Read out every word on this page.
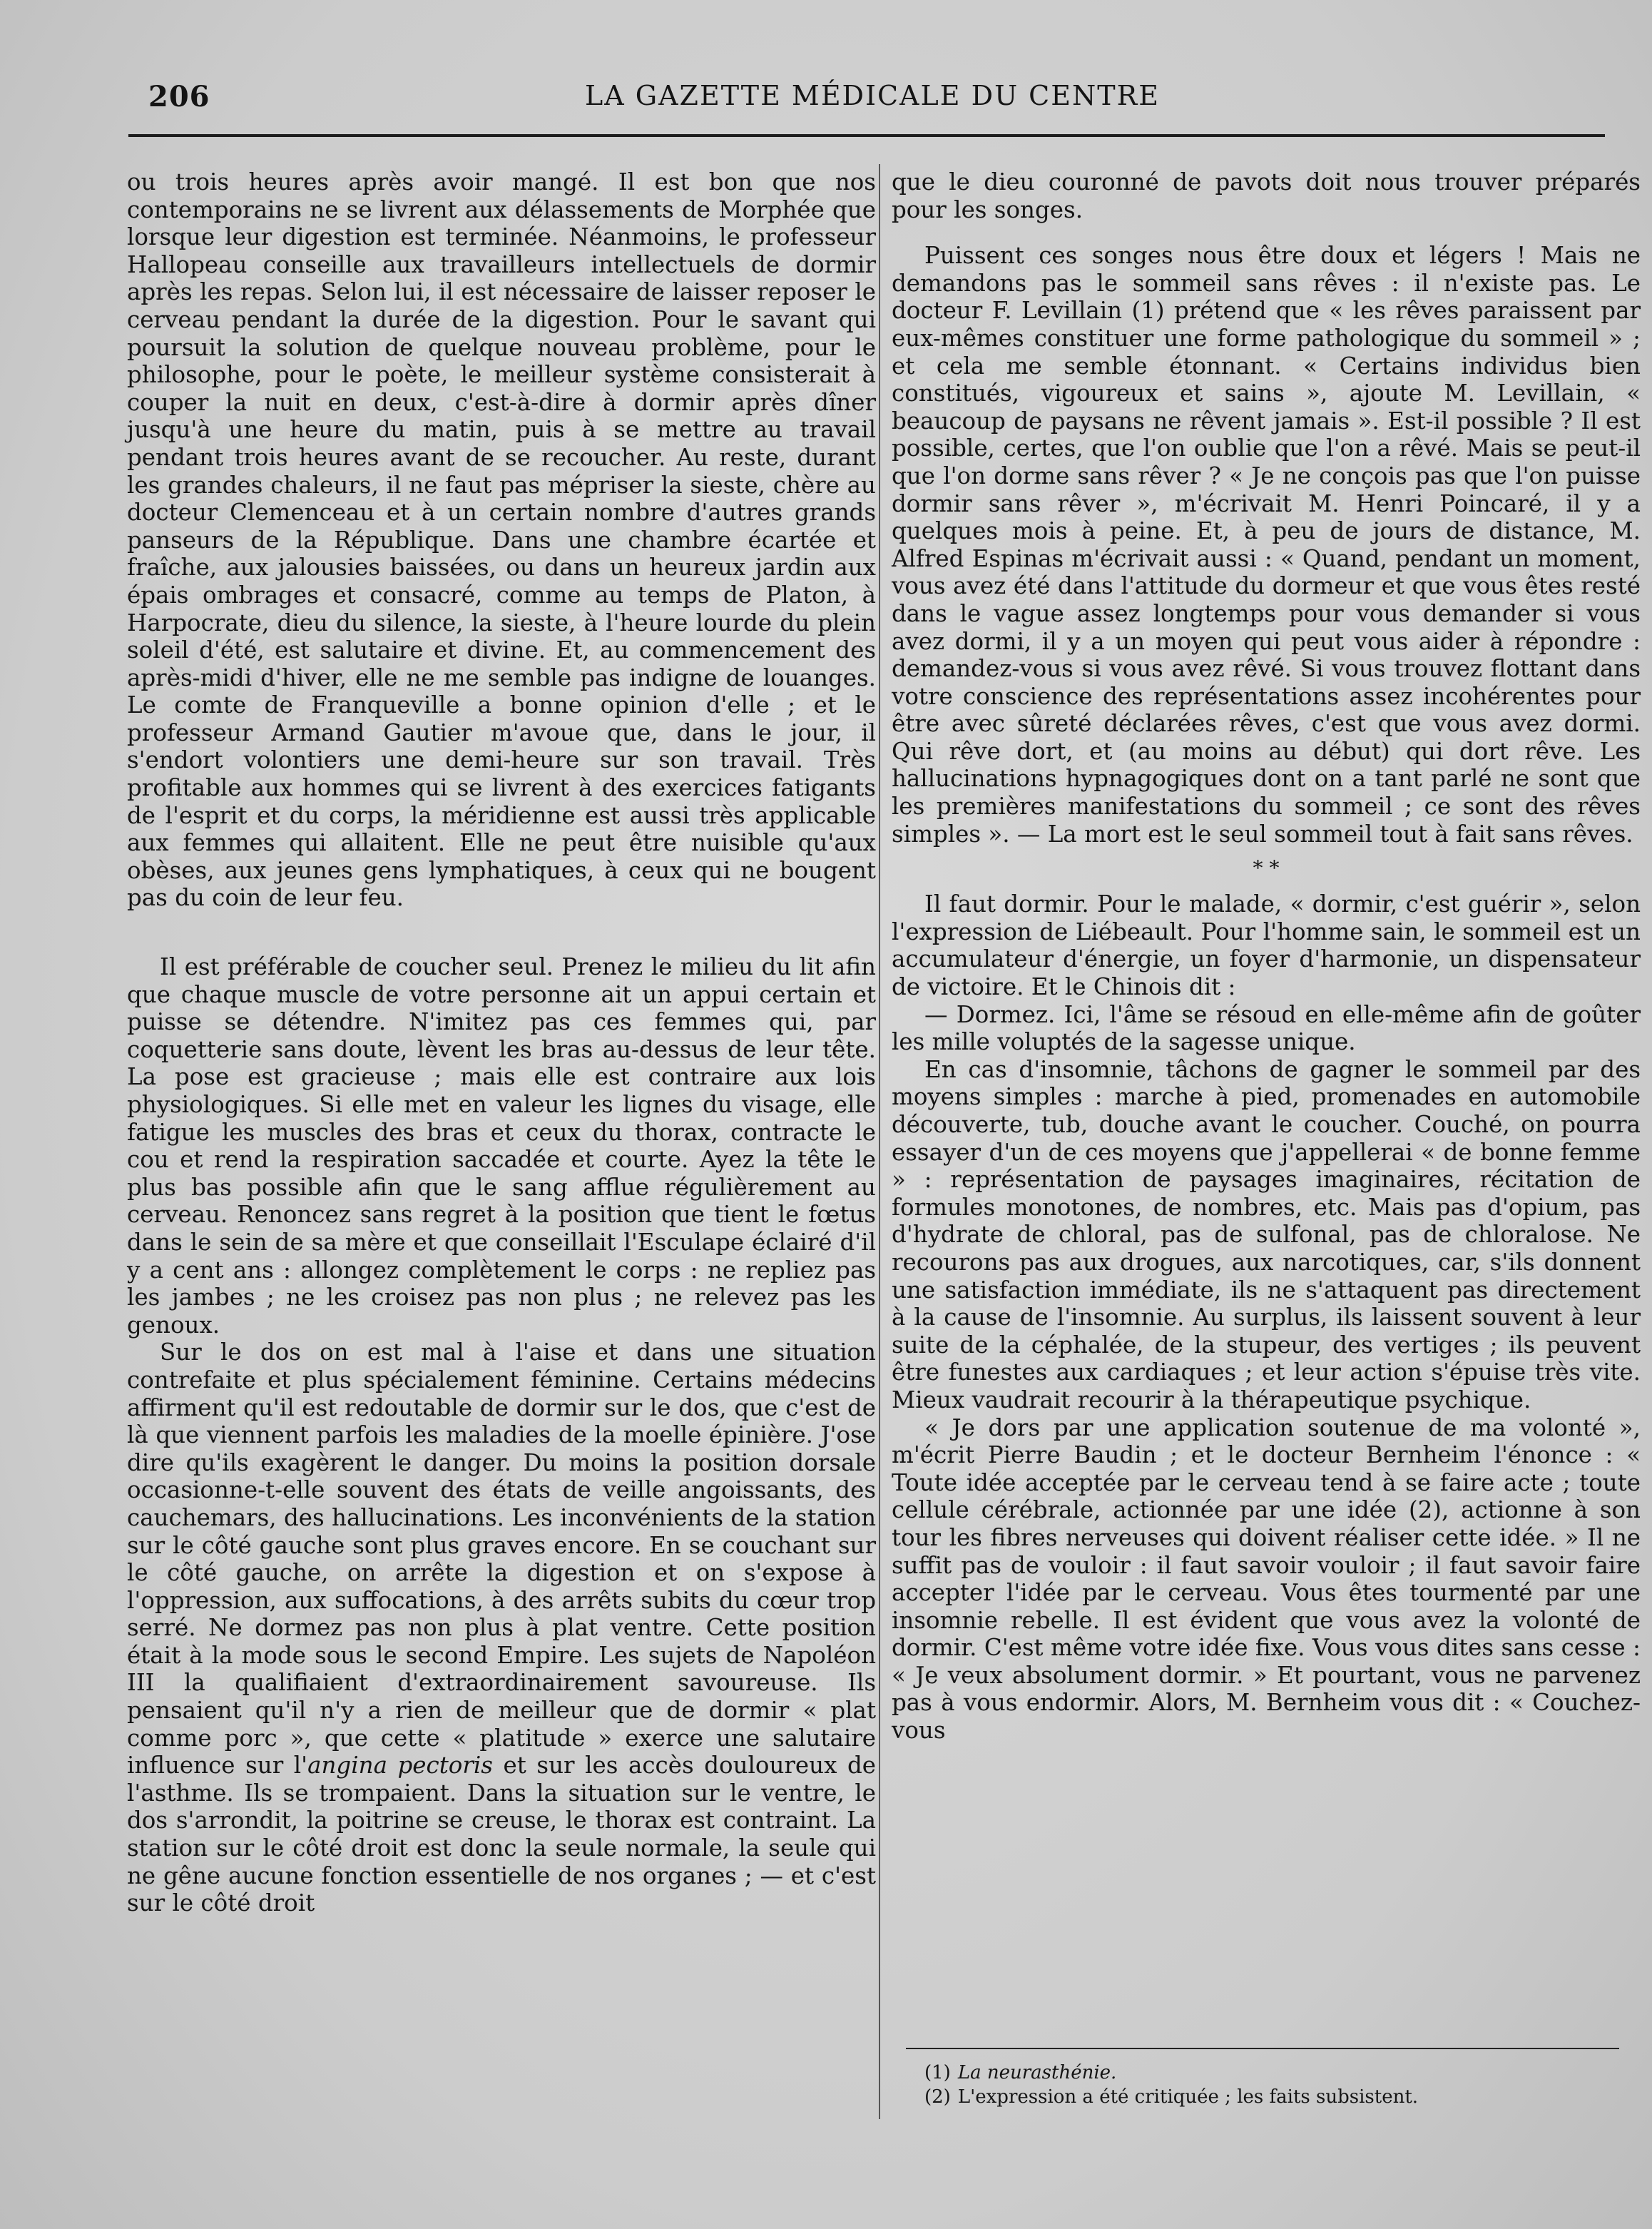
206	LA GAZETTE MÉDICALE DU CENTRE

ou trois heures après avoir mangé. Il est bon que nos contemporains ne se livrent aux délassements de Morphée que lorsque leur digestion est terminée. Néanmoins, le professeur Hallopeau conseille aux travailleurs intellectuels de dormir après les repas. Selon lui, il est nécessaire de laisser reposer le cerveau pendant la durée de la digestion. Pour le savant qui poursuit la solution de quelque nouveau problème, pour le philosophe, pour le poète, le meilleur système consisterait à couper la nuit en deux, c'est-à-dire à dormir après dîner jusqu'à une heure du matin, puis à se mettre au travail pendant trois heures avant de se recoucher. Au reste, durant les grandes chaleurs, il ne faut pas mépriser la sieste, chère au docteur Clemenceau et à un certain nombre d'autres grands panseurs de la République. Dans une chambre écartée et fraîche, aux jalousies baissées, ou dans un heureux jardin aux épais ombrages et consacré, comme au temps de Platon, à Harpocrate, dieu du silence, la sieste, à l'heure lourde du plein soleil d'été, est salutaire et divine. Et, au commencement des après-midi d'hiver, elle ne me semble pas indigne de louanges. Le comte de Franqueville a bonne opinion d'elle ; et le professeur Armand Gautier m'avoue que, dans le jour, il s'endort volontiers une demi-heure sur son travail. Très profitable aux hommes qui se livrent à des exercices fatigants de l'esprit et du corps, la méridienne est aussi très applicable aux femmes qui allaitent. Elle ne peut être nuisible qu'aux obèses, aux jeunes gens lymphatiques, à ceux qui ne bougent pas du coin de leur feu.

Il est préférable de coucher seul. Prenez le milieu du lit afin que chaque muscle de votre personne ait un appui certain et puisse se détendre. N'imitez pas ces femmes qui, par coquetterie sans doute, lèvent les bras au-dessus de leur tête. La pose est gracieuse ; mais elle est contraire aux lois physiologiques. Si elle met en valeur les lignes du visage, elle fatigue les muscles des bras et ceux du thorax, contracte le cou et rend la respiration saccadée et courte. Ayez la tête le plus bas possible afin que le sang afflue régulièrement au cerveau. Renoncez sans regret à la position que tient le fœtus dans le sein de sa mère et que conseillait l'Esculape éclairé d'il y a cent ans : allongez complètement le corps : ne repliez pas les jambes ; ne les croisez pas non plus ; ne relevez pas les genoux.

Sur le dos on est mal à l'aise et dans une situation contrefaite et plus spécialement féminine. Certains médecins affirment qu'il est redoutable de dormir sur le dos, que c'est de là que viennent parfois les maladies de la moelle épinière. J'ose dire qu'ils exagèrent le danger. Du moins la position dorsale occasionne-t-elle souvent des états de veille angoissants, des cauchemars, des hallucinations. Les inconvénients de la station sur le côté gauche sont plus graves encore. En se couchant sur le côté gauche, on arrête la digestion et on s'expose à l'oppression, aux suffocations, à des arrêts subits du cœur trop serré. Ne dormez pas non plus à plat ventre. Cette position était à la mode sous le second Empire. Les sujets de Napoléon III la qualifiaient d'extraordinairement savoureuse. Ils pensaient qu'il n'y a rien de meilleur que de dormir « plat comme porc », que cette « platitude » exerce une salutaire influence sur l'angina pectoris et sur les accès douloureux de l'asthme. Ils se trompaient. Dans la situation sur le ventre, le dos s'arrondit, la poitrine se creuse, le thorax est contraint. La station sur le côté droit est donc la seule normale, la seule qui ne gêne aucune fonction essentielle de nos organes ; — et c'est sur le côté droit

que le dieu couronné de pavots doit nous trouver préparés pour les songes.

Puissent ces songes nous être doux et légers ! Mais ne demandons pas le sommeil sans rêves : il n'existe pas. Le docteur F. Levillain (1) prétend que « les rêves paraissent par eux-mêmes constituer une forme pathologique du sommeil » ; et cela me semble étonnant. « Certains individus bien constitués, vigoureux et sains », ajoute M. Levillain, « beaucoup de paysans ne rêvent jamais ». Est-il possible ? Il est possible, certes, que l'on oublie que l'on a rêvé. Mais se peut-il que l'on dorme sans rêver ? « Je ne conçois pas que l'on puisse dormir sans rêver », m'écrivait M. Henri Poincaré, il y a quelques mois à peine. Et, à peu de jours de distance, M. Alfred Espinas m'écrivait aussi : « Quand, pendant un moment, vous avez été dans l'attitude du dormeur et que vous êtes resté dans le vague assez longtemps pour vous demander si vous avez dormi, il y a un moyen qui peut vous aider à répondre : demandez-vous si vous avez rêvé. Si vous trouvez flottant dans votre conscience des représentations assez incohérentes pour être avec sûreté déclarées rêves, c'est que vous avez dormi. Qui rêve dort, et (au moins au début) qui dort rêve. Les hallucinations hypnagogiques dont on a tant parlé ne sont que les premières manifestations du sommeil ; ce sont des rêves simples ». — La mort est le seul sommeil tout à fait sans rêves.

* *

Il faut dormir. Pour le malade, « dormir, c'est guérir », selon l'expression de Liébeault. Pour l'homme sain, le sommeil est un accumulateur d'énergie, un foyer d'harmonie, un dispensateur de victoire. Et le Chinois dit :

— Dormez. Ici, l'âme se résoud en elle-même afin de goûter les mille voluptés de la sagesse unique.

En cas d'insomnie, tâchons de gagner le sommeil par des moyens simples : marche à pied, promenades en automobile découverte, tub, douche avant le coucher. Couché, on pourra essayer d'un de ces moyens que j'appellerai « de bonne femme » : représentation de paysages imaginaires, récitation de formules monotones, de nombres, etc. Mais pas d'opium, pas d'hydrate de chloral, pas de sulfonal, pas de chloralose. Ne recourons pas aux drogues, aux narcotiques, car, s'ils donnent une satisfaction immédiate, ils ne s'attaquent pas directement à la cause de l'insomnie. Au surplus, ils laissent souvent à leur suite de la céphalée, de la stupeur, des vertiges ; ils peuvent être funestes aux cardiaques ; et leur action s'épuise très vite. Mieux vaudrait recourir à la thérapeutique psychique.

« Je dors par une application soutenue de ma volonté », m'écrit Pierre Baudin ; et le docteur Bernheim l'énonce : « Toute idée acceptée par le cerveau tend à se faire acte ; toute cellule cérébrale, actionnée par une idée (2), actionne à son tour les fibres nerveuses qui doivent réaliser cette idée. » Il ne suffit pas de vouloir : il faut savoir vouloir ; il faut savoir faire accepter l'idée par le cerveau. Vous êtes tourmenté par une insomnie rebelle. Il est évident que vous avez la volonté de dormir. C'est même votre idée fixe. Vous vous dites sans cesse : « Je veux absolument dormir. » Et pourtant, vous ne parvenez pas à vous endormir. Alors, M. Bernheim vous dit : « Couchez-vous

(1) La neurasthénie.

(2) L'expression a été critiquée ; les faits subsistent.
